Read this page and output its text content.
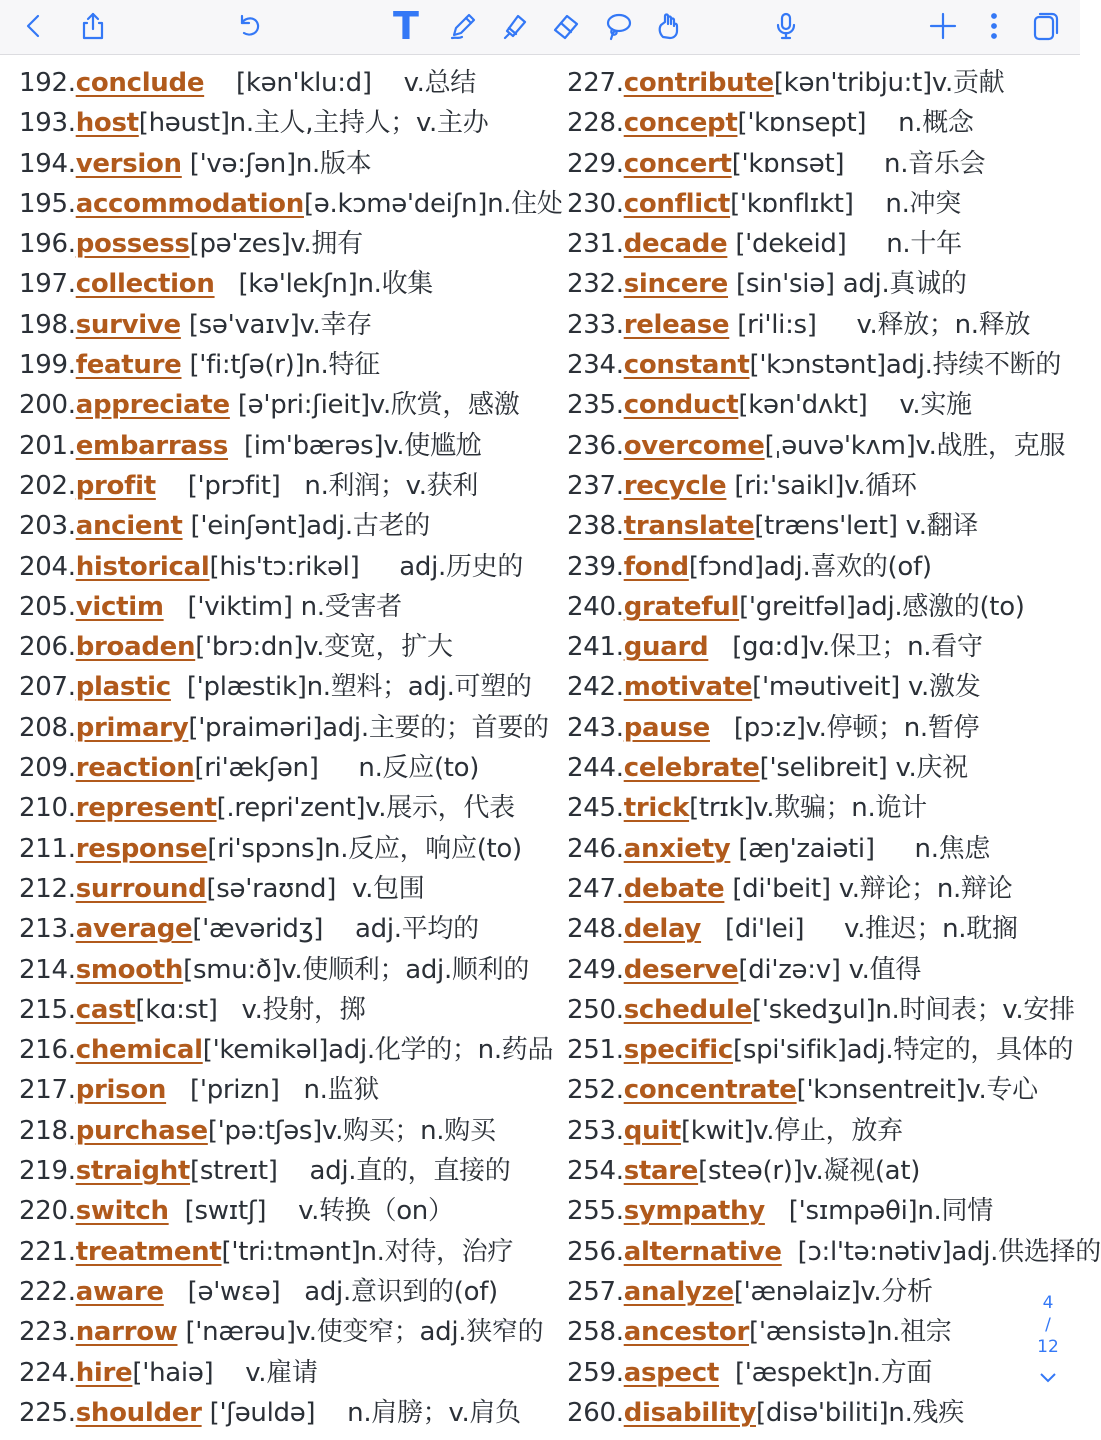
T
192.conclude    [kən'klu:d]    v.总结
193.host[həust]n.主人,主持人；v.主办
194.version ['və:ʃən]n.版本
195.accommodation[ə.kɔmə'deiʃn]n.住处
196.possess[pə'zes]v.拥有
197.collection   [kə'lekʃn]n.收集
198.survive [sə'vaɪv]v.幸存
199.feature ['fi:tʃə(r)]n.特征
200.appreciate [ə'pri:ʃieit]v.欣赏，感激
201.embarrass  [im'bærəs]v.使尴尬
202.profit    ['prɔfit]   n.利润；v.获利
203.ancient ['einʃənt]adj.古老的
204.historical[his'tɔ:rikəl]     adj.历史的
205.victim   ['viktim] n.受害者
206.broaden['brɔ:dn]v.变宽，扩大
207.plastic  ['plæstik]n.塑料；adj.可塑的
208.primary['praiməri]adj.主要的；首要的
209.reaction[ri'ækʃən]     n.反应(to)
210.represent[.repri'zent]v.展示，代表
211.response[ri'spɔns]n.反应，响应(to)
212.surround[sə'raʊnd]  v.包围
213.average['ævəridʒ]    adj.平均的
214.smooth[smu:ð]v.使顺利；adj.顺利的
215.cast[kɑ:st]   v.投射，掷
216.chemical['kemikəl]adj.化学的；n.药品
217.prison   ['prizn]   n.监狱
218.purchase['pə:tʃəs]v.购买；n.购买
219.straight[streɪt]    adj.直的，直接的
220.switch  [swɪtʃ]    v.转换（on）
221.treatment['tri:tmənt]n.对待，治疗
222.aware   [ə'wɛə]   adj.意识到的(of)
223.narrow ['nærəu]v.使变窄；adj.狭窄的
224.hire['haiə]    v.雇请
225.shoulder ['ʃəuldə]    n.肩膀；v.肩负
227.contribute[kən'tribju:t]v.贡献
228.concept['kɒnsept]    n.概念
229.concert['kɒnsət]     n.音乐会
230.conflict['kɒnflɪkt]    n.冲突
231.decade ['dekeid]     n.十年
232.sincere [sin'siə] adj.真诚的
233.release [ri'li:s]     v.释放；n.释放
234.constant['kɔnstənt]adj.持续不断的
235.conduct[kən'dʌkt]    v.实施
236.overcome[ˌəuvə'kʌm]v.战胜，克服
237.recycle [ri:'saikl]v.循环
238.translate[træns'leɪt] v.翻译
239.fond[fɔnd]adj.喜欢的(of)
240.grateful['greitfəl]adj.感激的(to)
241.guard   [gɑ:d]v.保卫；n.看守
242.motivate['məutiveit] v.激发
243.pause   [pɔ:z]v.停顿；n.暂停
244.celebrate['selibreit] v.庆祝
245.trick[trɪk]v.欺骗；n.诡计
246.anxiety [æŋ'zaiəti]     n.焦虑
247.debate [di'beit] v.辩论；n.辩论
248.delay   [di'lei]     v.推迟；n.耽搁
249.deserve[di'zə:v] v.值得
250.schedule['skedʒul]n.时间表；v.安排
251.specific[spi'sifik]adj.特定的，具体的
252.concentrate['kɔnsentreit]v.专心
253.quit[kwit]v.停止，放弃
254.stare[steə(r)]v.凝视(at)
255.sympathy   ['sɪmpəθi]n.同情
256.alternative  [ɔ:l'tə:nətiv]adj.供选择的
257.analyze['ænəlaiz]v.分析
258.ancestor['ænsistə]n.祖宗
259.aspect  ['æspekt]n.方面
260.disability[disə'biliti]n.残疾
4
/
12
